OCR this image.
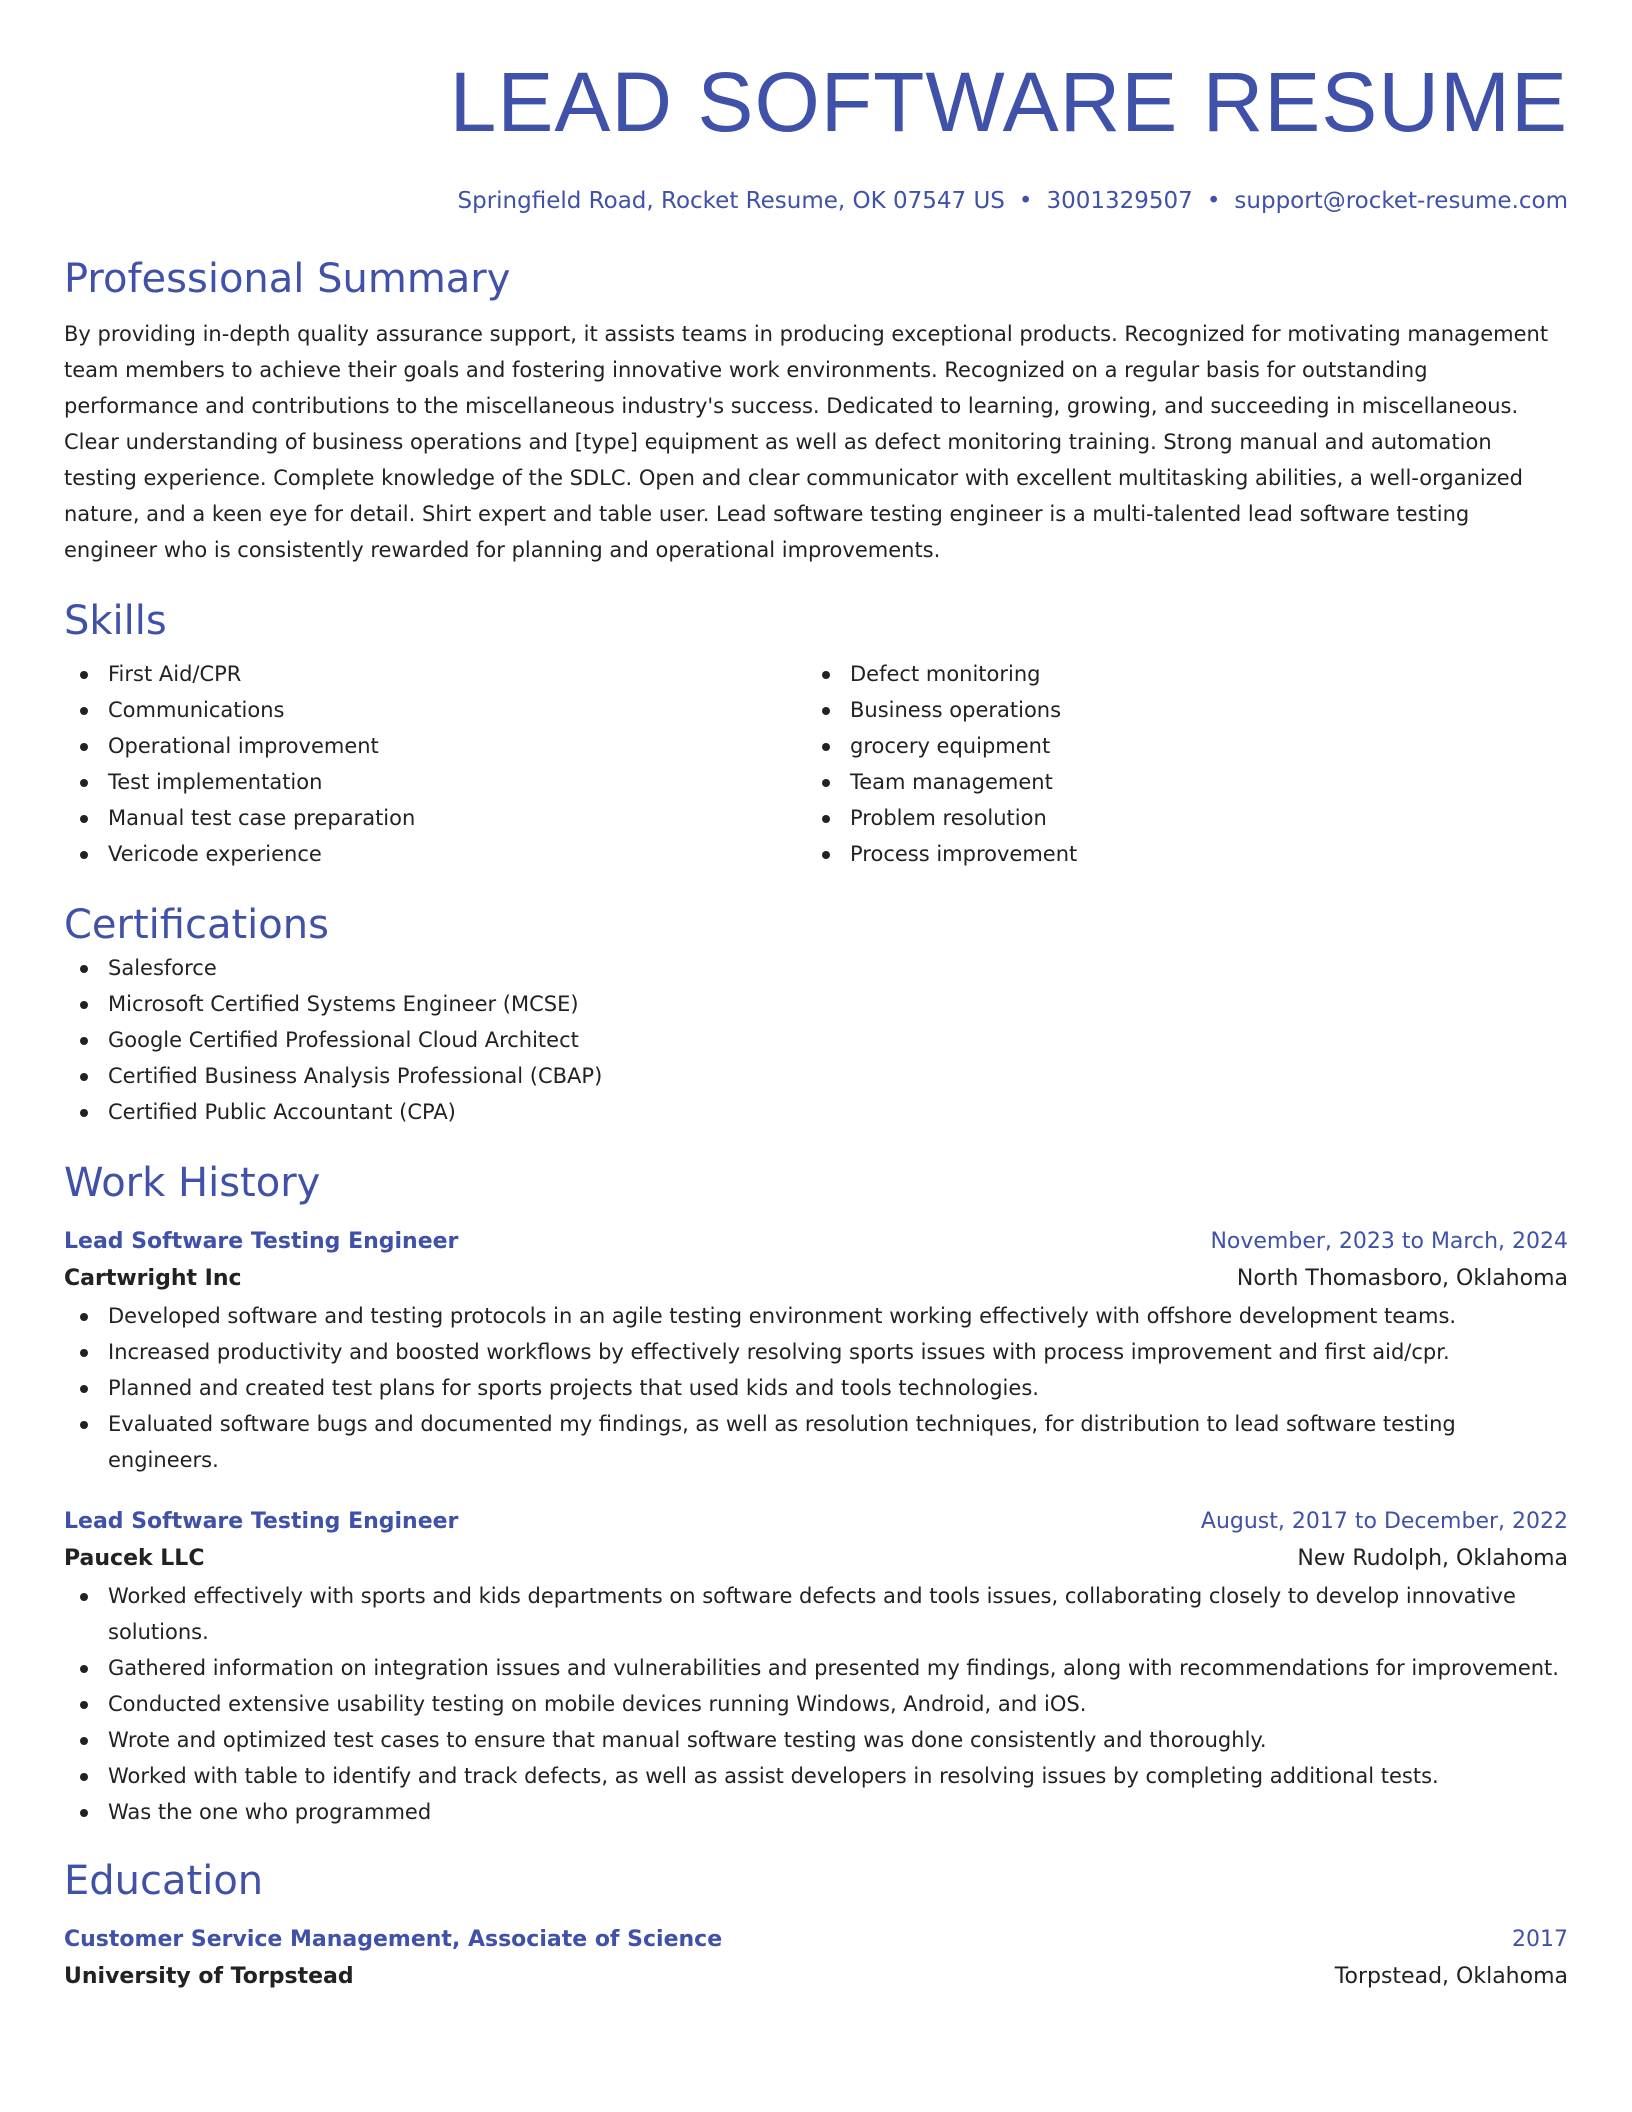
LEAD SOFTWARE RESUME
Springfield Road, Rocket Resume, OK 07547 US • 3001329507 • support@rocket-resume.com
Professional Summary

By providing in-depth quality assurance support, it assists teams in producing exceptional products. Recognized for motivating management team members to achieve their goals and fostering innovative work environments. Recognized on a regular basis for outstanding performance and contributions to the miscellaneous industry's success. Dedicated to learning, growing, and succeeding in miscellaneous. Clear understanding of business operations and [type] equipment as well as defect monitoring training. Strong manual and automation testing experience. Complete knowledge of the SDLC. Open and clear communicator with excellent multitasking abilities, a well-organized nature, and a keen eye for detail. Shirt expert and table user. Lead software testing engineer is a multi-talented lead software testing engineer who is consistently rewarded for planning and operational improvements.

Skills
First Aid/CPR
Communications
Operational improvement
Test implementation
Manual test case preparation
Vericode experience
Defect monitoring
Business operations
grocery equipment
Team management
Problem resolution
Process improvement
Certifications
Salesforce
Microsoft Certified Systems Engineer (MCSE)
Google Certified Professional Cloud Architect
Certified Business Analysis Professional (CBAP)
Certified Public Accountant (CPA)
Work History
Lead Software Testing Engineer	November, 2023 to March, 2024
Cartwright Inc	North Thomasboro, Oklahoma
Developed software and testing protocols in an agile testing environment working effectively with offshore development teams.
Increased productivity and boosted workflows by effectively resolving sports issues with process improvement and first aid/cpr.
Planned and created test plans for sports projects that used kids and tools technologies.
Evaluated software bugs and documented my findings, as well as resolution techniques, for distribution to lead software testing engineers.
Lead Software Testing Engineer	August, 2017 to December, 2022
Paucek LLC	New Rudolph, Oklahoma
Worked effectively with sports and kids departments on software defects and tools issues, collaborating closely to develop innovative solutions.
Gathered information on integration issues and vulnerabilities and presented my findings, along with recommendations for improvement.
Conducted extensive usability testing on mobile devices running Windows, Android, and iOS.
Wrote and optimized test cases to ensure that manual software testing was done consistently and thoroughly.
Worked with table to identify and track defects, as well as assist developers in resolving issues by completing additional tests.
Was the one who programmed
Education
Customer Service Management, Associate of Science	2017
University of Torpstead	Torpstead, Oklahoma
